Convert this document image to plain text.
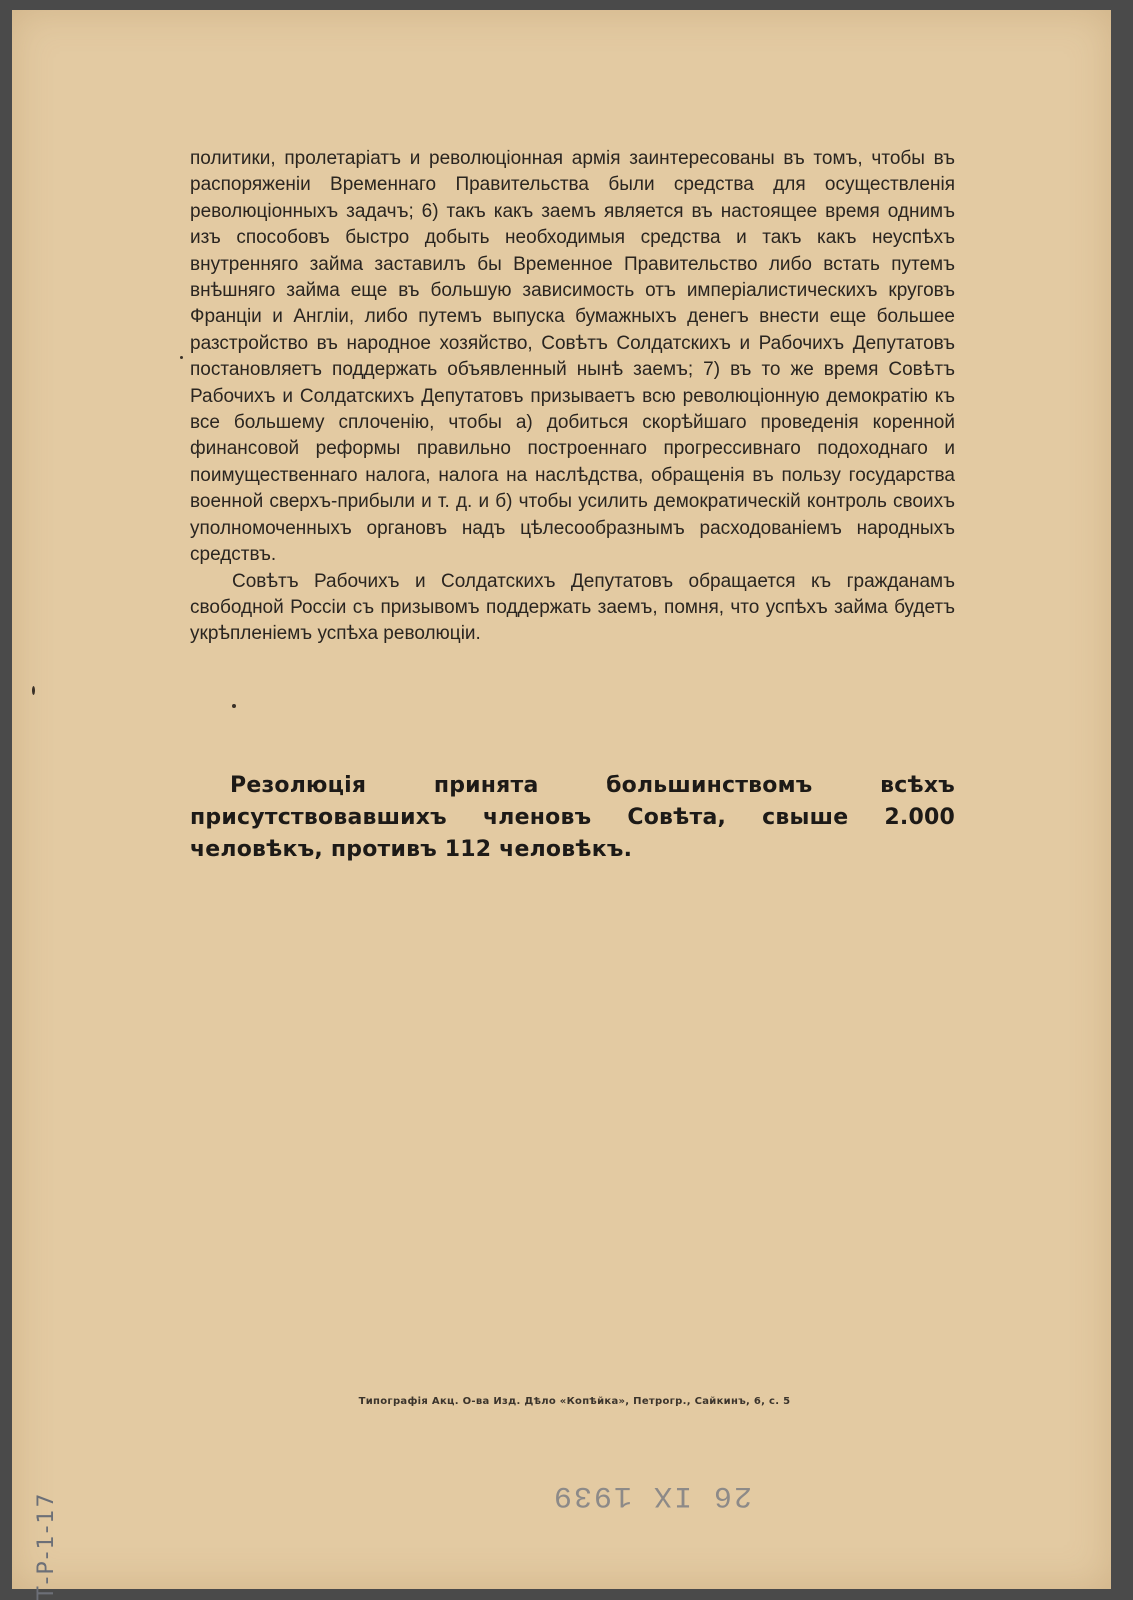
политики, пролетаріатъ и революціонная армія заинтересованы въ томъ, чтобы въ распоряженіи Временнаго Правительства были средства для осуществленія революціонныхъ задачъ; 6) такъ какъ заемъ является въ настоящее время однимъ изъ способовъ быстро добыть необходимыя средства и такъ какъ неуспѣхъ внутренняго займа заставилъ бы Временное Правительство либо встать путемъ внѣшняго займа еще въ большую зависимость отъ имперіалистическихъ круговъ Франціи и Англіи, либо путемъ выпуска бумажныхъ денегъ внести еще большее разстройство въ народное хозяйство, Совѣтъ Солдатскихъ и Рабочихъ Депутатовъ постановляетъ поддержать объявленный нынѣ заемъ; 7) въ то же время Совѣтъ Рабочихъ и Солдатскихъ Депутатовъ призываетъ всю революціонную демократію къ все большему сплоченію, чтобы а) добиться скорѣйшаго проведенія коренной финансовой реформы правильно построеннаго прогрессивнаго подоходнаго и поимущественнаго налога, налога на наслѣдства, обращенія въ пользу государства военной сверхъ-прибыли и т. д. и б) чтобы усилить демократическій контроль своихъ уполномоченныхъ органовъ надъ цѣлесообразнымъ расходованіемъ народныхъ средствъ.

Совѣтъ Рабочихъ и Солдатскихъ Депутатовъ обращается къ гражданамъ свободной Россіи съ призывомъ поддержать заемъ, помня, что успѣхъ займа будетъ укрѣпленіемъ успѣха революціи.

Резолюція принята большинствомъ всѣхъ присутствовавшихъ членовъ Совѣта, свыше 2.000 человѣкъ, противъ 112 человѣкъ.

Типографія Акц. О-ва Изд. Дѣло «Копѣйка», Петрогр., Сайкинъ, 6, с. 5
26 IX 1939
Т-Р-1-17
